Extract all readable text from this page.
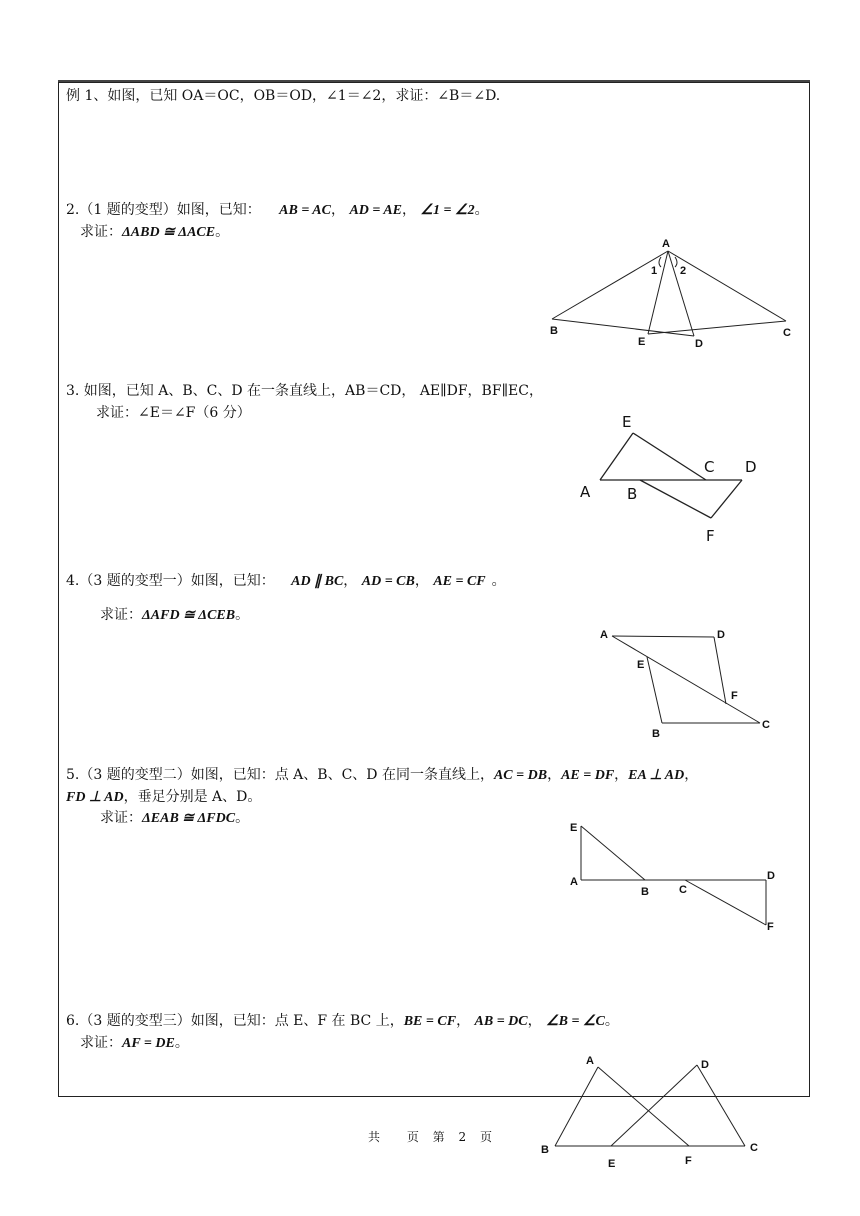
例 1、如图，已知 OA＝OC，OB＝OD，∠1＝∠2，求证：∠B＝∠D.
2.（1 题的变型）如图，已知： AB = AC， AD = AE， ∠1 = ∠2。
求证：ΔABD ≅ ΔACE。
A
1 2
B	C
E	D
3. 如图，已知 A、B、C、D 在一条直线上，AB＝CD， AE∥DF，BF∥EC，
求证：∠E＝∠F（6 分）	E
C D
A B
F
4.（3 题的变型一）如图，已知： AD ∥ BC， AD = CB， AE = CF 。
求证：ΔAFD ≅ ΔCEB。
A	D
E
F
C
B
5.（3 题的变型二）如图，已知：点 A、B、C、D 在同一条直线上，AC = DB，AE = DF，EA ⊥ AD，
FD ⊥ AD，垂足分别是 A、D。
求证：ΔEAB ≅ ΔFDC。
E
A
B	C
D
F
6.（3 题的变型三）如图，已知：点 E、F 在 BC 上，BE = CF， AB = DC， ∠B = ∠C。
求证：AF = DE。
A	D
B	C
E	F
共 页 第 2 页
